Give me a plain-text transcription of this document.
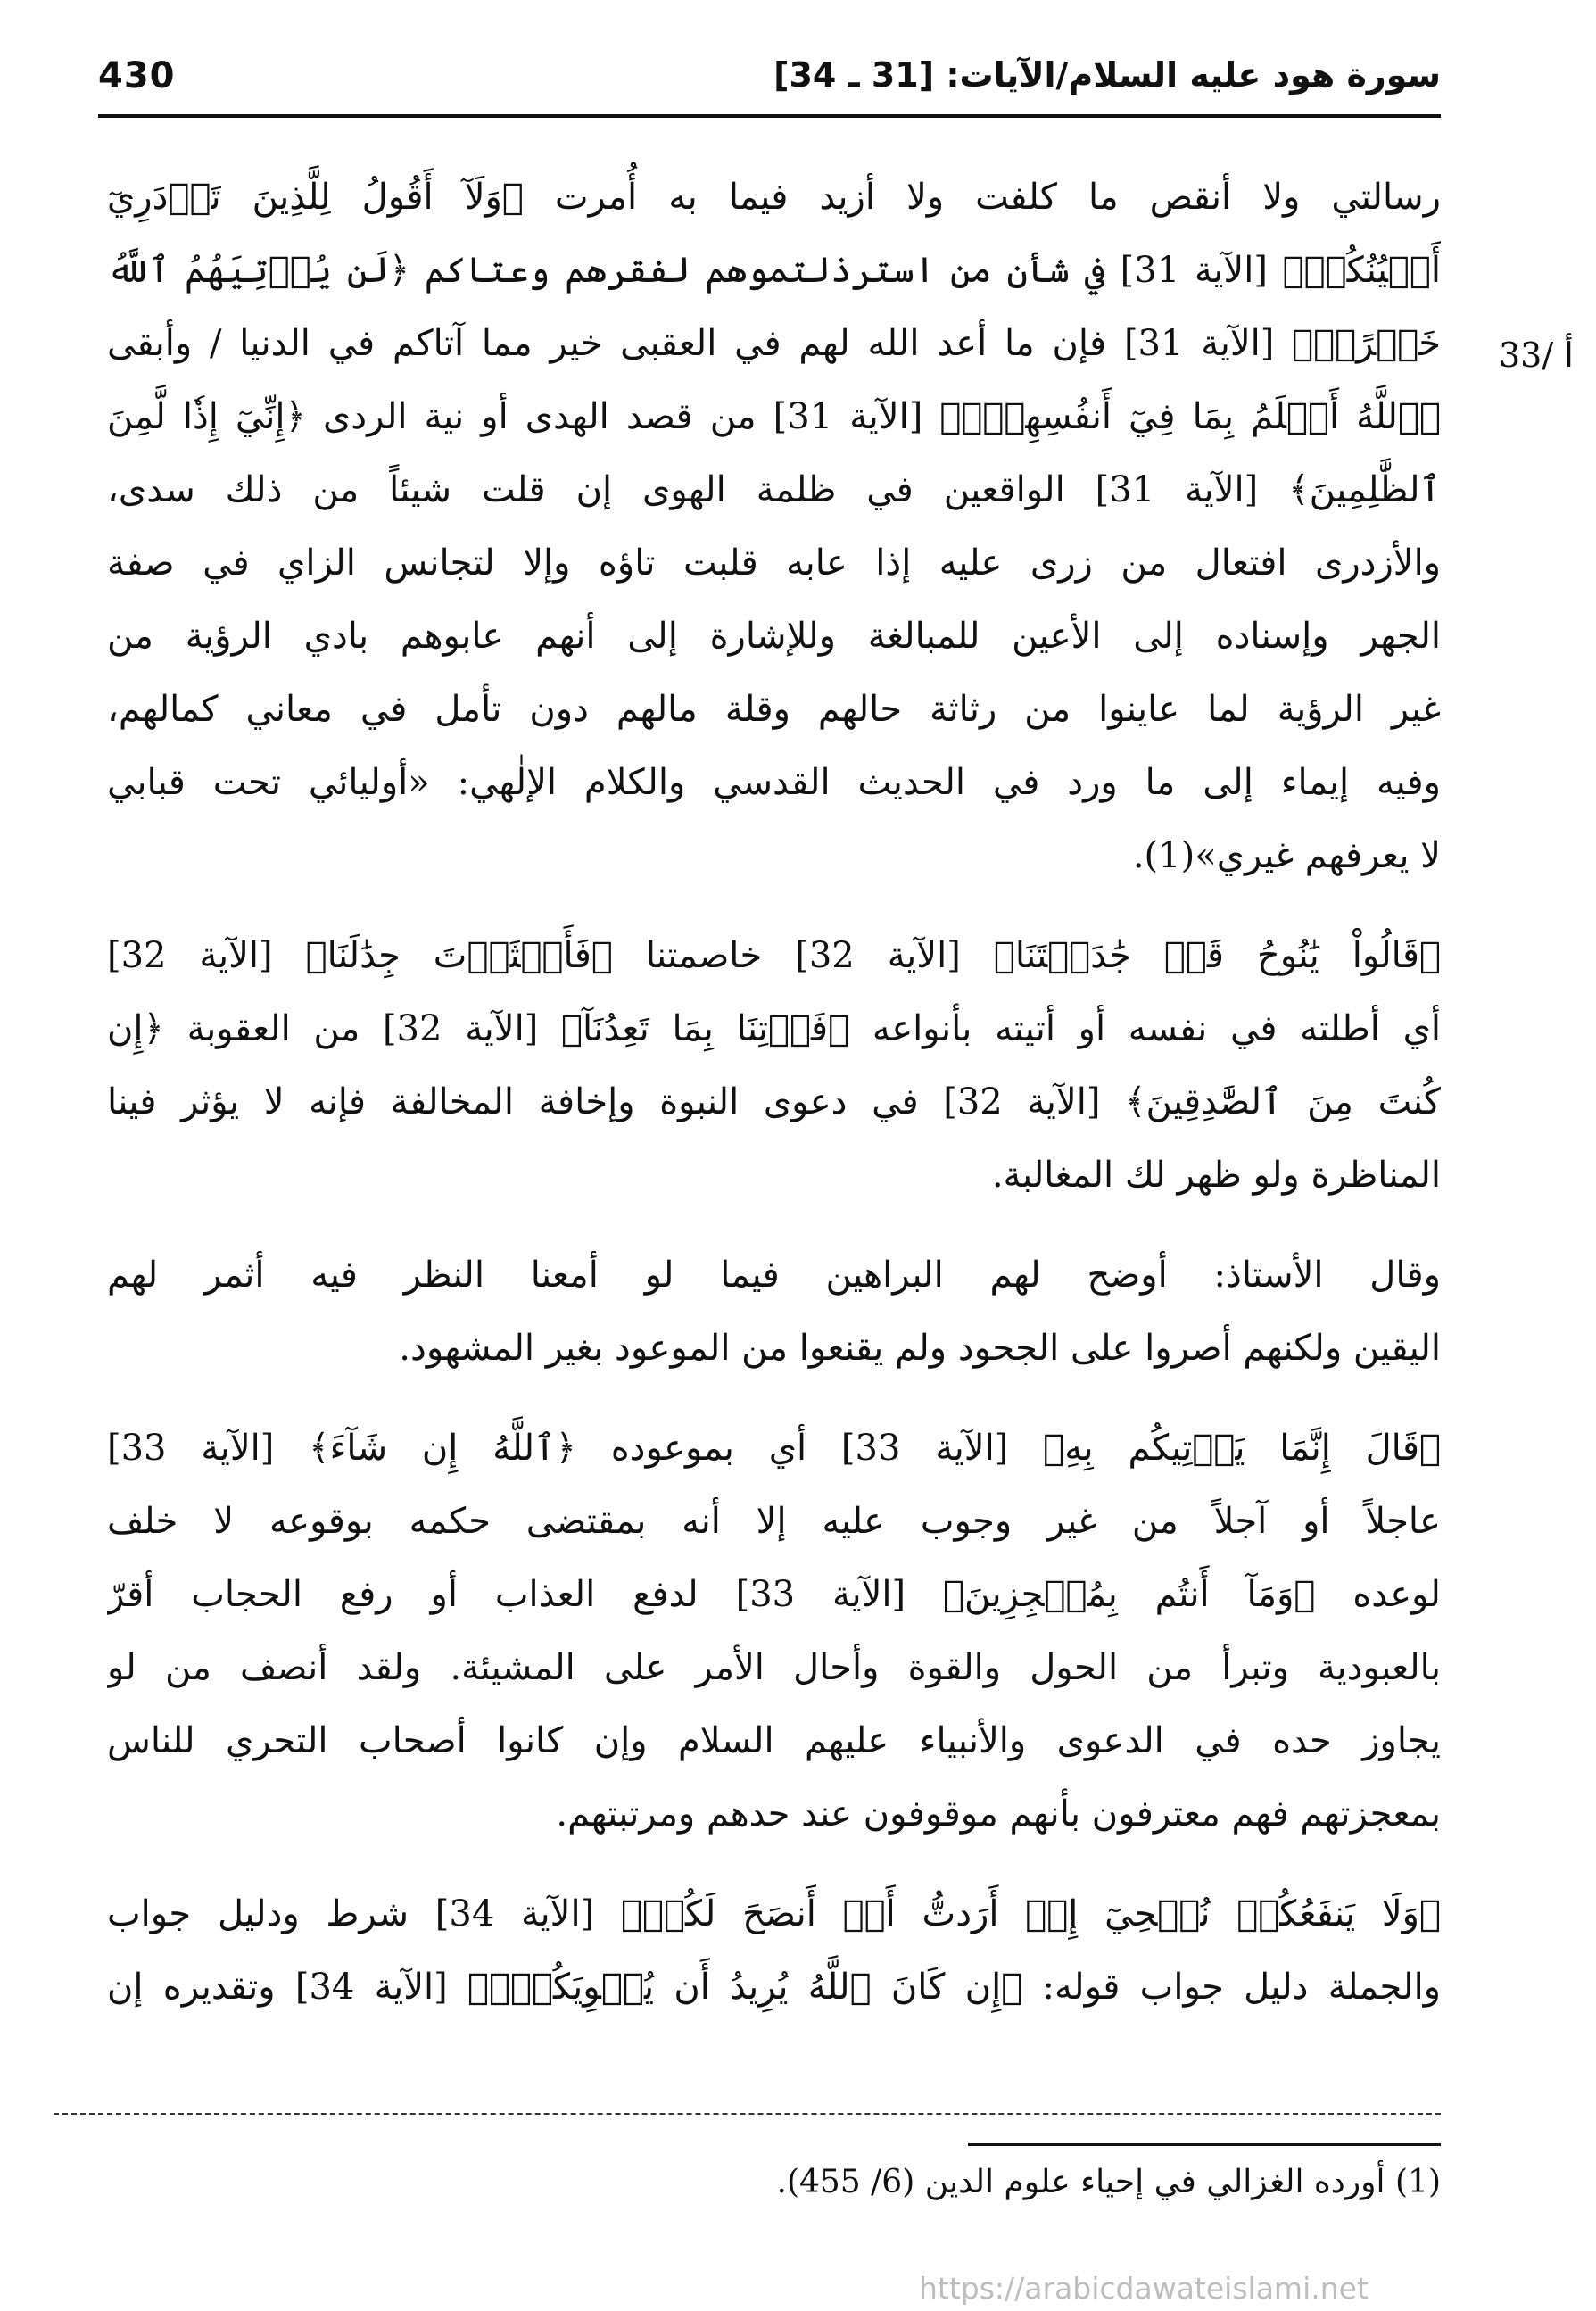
430	سورة هود عليه السلام/الآيات: [31 ـ 34]
33/ أ
رسالتي ولا أنقص ما كلفت ولا أزيد فيما به أُمرت ﴿وَلَآ أَقُولُ لِلَّذِينَ تَزۡدَرِيٓ
أَعۡيُنُكُمۡ﴾ [الآية 31] في شأن من استرذلتموهم لفقرهم وعتاكم ﴿لَن يُؤۡتِيَهُمُ ٱللَّهُ
خَيۡرًاۖ﴾ [الآية 31] فإن ما أعد الله لهم في العقبى خير مما آتاكم في الدنيا / وأبقى
﴿ٱللَّهُ أَعۡلَمُ بِمَا فِيٓ أَنفُسِهِمۡۖ﴾ [الآية 31] من قصد الهدى أو نية الردى ﴿إِنِّيٓ إِذٗا لَّمِنَ
ٱلظَّٰلِمِينَ﴾ [الآية 31] الواقعين في ظلمة الهوى إن قلت شيئاً من ذلك سدى،
والأزدرى افتعال من زرى عليه إذا عابه قلبت تاؤه وإلا لتجانس الزاي في صفة
الجهر وإسناده إلى الأعين للمبالغة وللإشارة إلى أنهم عابوهم بادي الرؤية من
غير الرؤية لما عاينوا من رثاثة حالهم وقلة مالهم دون تأمل في معاني كمالهم،
وفيه إيماء إلى ما ورد في الحديث القدسي والكلام الإلٰهي: «أوليائي تحت قبابي
لا يعرفهم غيري»(1).
﴿قَالُواْ يَٰنُوحُ قَدۡ جَٰدَلۡتَنَا﴾ [الآية 32] خاصمتنا ﴿فَأَكۡثَرۡتَ جِدَٰلَنَا﴾ [الآية 32]
أي أطلته في نفسه أو أتيته بأنواعه ﴿فَأۡتِنَا بِمَا تَعِدُنَآ﴾ [الآية 32] من العقوبة ﴿إِن
كُنتَ مِنَ ٱلصَّٰدِقِينَ﴾ [الآية 32] في دعوى النبوة وإخافة المخالفة فإنه لا يؤثر فينا
المناظرة ولو ظهر لك المغالبة.
وقال الأستاذ: أوضح لهم البراهين فيما لو أمعنا النظر فيه أثمر لهم
اليقين ولكنهم أصروا على الجحود ولم يقنعوا من الموعود بغير المشهود.
﴿قَالَ إِنَّمَا يَأۡتِيكُم بِهِ﴾ [الآية 33] أي بموعوده ﴿ٱللَّهُ إِن شَآءَ﴾ [الآية 33]
عاجلاً أو آجلاً من غير وجوب عليه إلا أنه بمقتضى حكمه بوقوعه لا خلف
لوعده ﴿وَمَآ أَنتُم بِمُعۡجِزِينَ﴾ [الآية 33] لدفع العذاب أو رفع الحجاب أقرّ
بالعبودية وتبرأ من الحول والقوة وأحال الأمر على المشيئة. ولقد أنصف من لو
يجاوز حده في الدعوى والأنبياء عليهم السلام وإن كانوا أصحاب التحري للناس
بمعجزتهم فهم معترفون بأنهم موقوفون عند حدهم ومرتبتهم.
﴿وَلَا يَنفَعُكُمۡ نُصۡحِيٓ إِنۡ أَرَدتُّ أَنۡ أَنصَحَ لَكُمۡ﴾ [الآية 34] شرط ودليل جواب
والجملة دليل جواب قوله: ﴿إِن كَانَ ٱللَّهُ يُرِيدُ أَن يُغۡوِيَكُمۡۚ﴾ [الآية 34] وتقديره إن
(1) أورده الغزالي في إحياء علوم الدين (6/ 455).
https://arabicdawateislami.net
